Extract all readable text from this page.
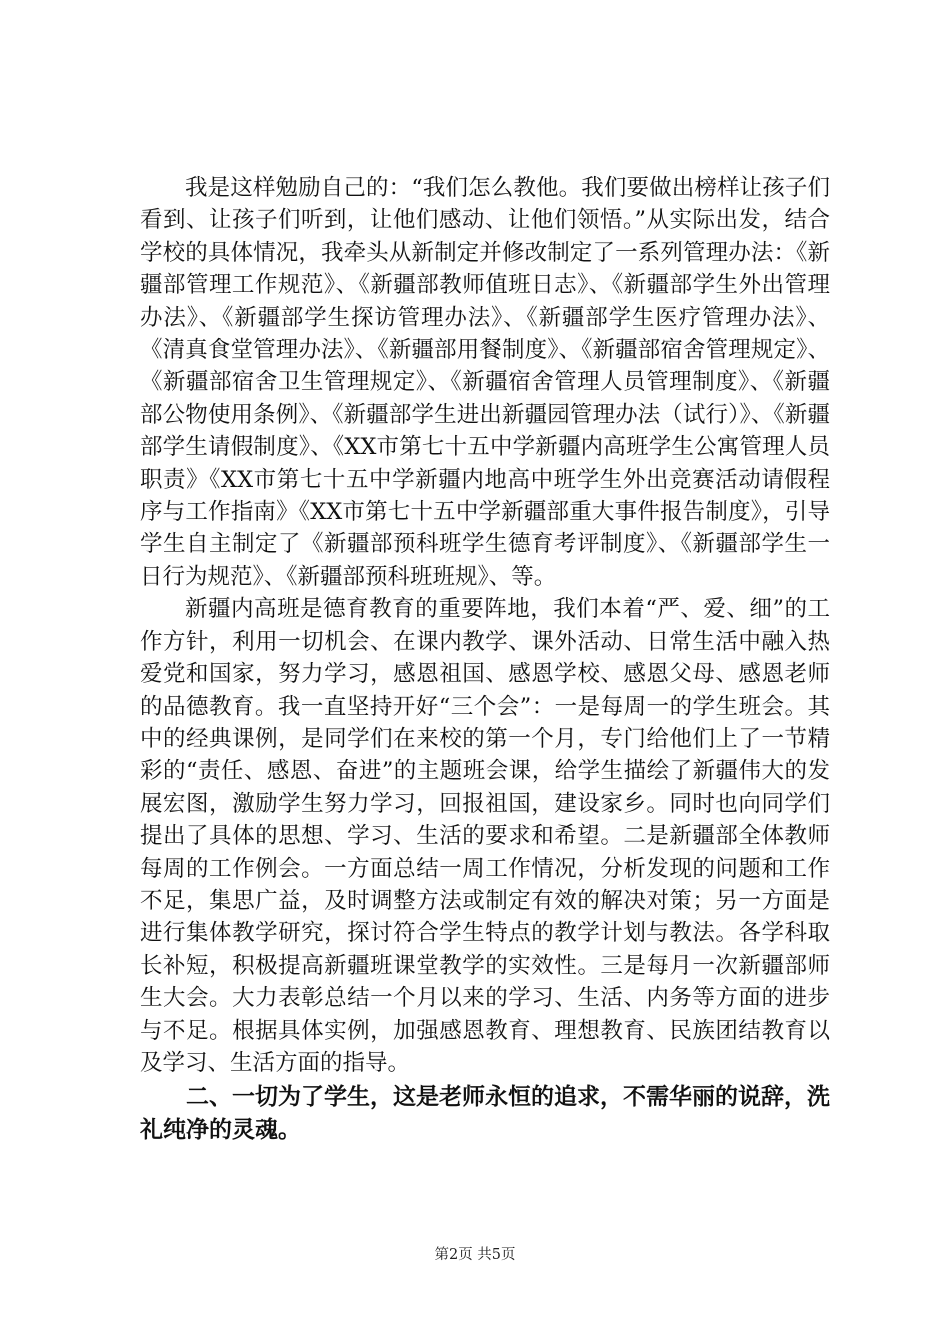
我是这样勉励自己的：“我们怎么教他。我们要做出榜样让孩子们看到、让孩子们听到，让他们感动、让他们领悟。”从实际出发，结合学校的具体情况，我牵头从新制定并修改制定了一系列管理办法：《新疆部管理工作规范》、《新疆部教师值班日志》、《新疆部学生外出管理办法》、《新疆部学生探访管理办法》、《新疆部学生医疗管理办法》、《清真食堂管理办法》、《新疆部用餐制度》、《新疆部宿舍管理规定》、《新疆部宿舍卫生管理规定》、《新疆宿舍管理人员管理制度》、《新疆部公物使用条例》、《新疆部学生进出新疆园管理办法（试行）》、《新疆部学生请假制度》、《XX市第七十五中学新疆内高班学生公寓管理人员职责》《XX市第七十五中学新疆内地高中班学生外出竞赛活动请假程序与工作指南》《XX市第七十五中学新疆部重大事件报告制度》，引导学生自主制定了《新疆部预科班学生德育考评制度》、《新疆部学生一日行为规范》、《新疆部预科班班规》、等。

新疆内高班是德育教育的重要阵地，我们本着“严、爱、细”的工作方针，利用一切机会、在课内教学、课外活动、日常生活中融入热爱党和国家，努力学习，感恩祖国、感恩学校、感恩父母、感恩老师的品德教育。我一直坚持开好“三个会”：一是每周一的学生班会。其中的经典课例，是同学们在来校的第一个月，专门给他们上了一节精彩的“责任、感恩、奋进”的主题班会课，给学生描绘了新疆伟大的发展宏图，激励学生努力学习，回报祖国，建设家乡。同时也向同学们提出了具体的思想、学习、生活的要求和希望。二是新疆部全体教师每周的工作例会。一方面总结一周工作情况，分析发现的问题和工作不足，集思广益，及时调整方法或制定有效的解决对策；另一方面是进行集体教学研究，探讨符合学生特点的教学计划与教法。各学科取长补短，积极提高新疆班课堂教学的实效性。三是每月一次新疆部师生大会。大力表彰总结一个月以来的学习、生活、内务等方面的进步与不足。根据具体实例，加强感恩教育、理想教育、民族团结教育以及学习、生活方面的指导。

二、一切为了学生，这是老师永恒的追求，不需华丽的说辞，洗礼纯净的灵魂。

第2页 共5页
